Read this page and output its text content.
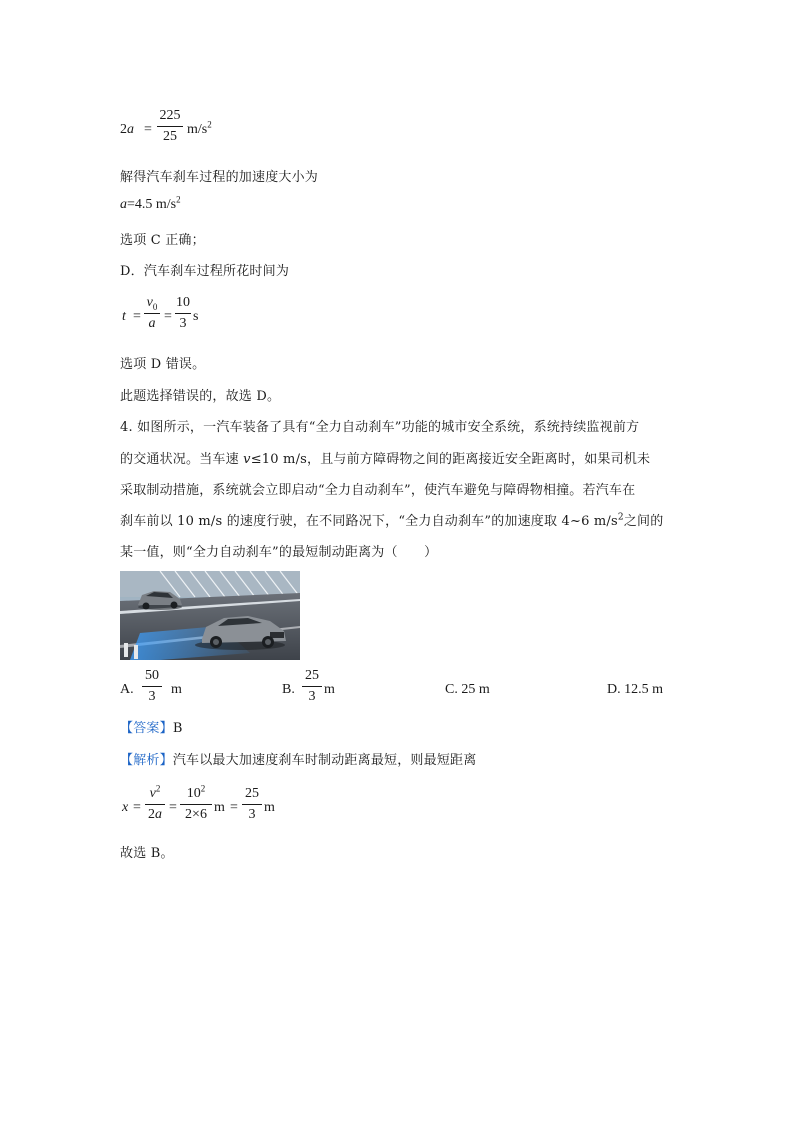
2a =
225
25 $m/s^2$
解得汽车刹车过程的加速度大小为
a=4.5 $m/s^2$
选项 C 正确；
D．汽车刹车过程所花时间为
t =
$v_0$
a =
10
3 s
选项 D 错误。
此题选择错误的，故选 D。
4. 如图所示，一汽车装备了具有“全力自动刹车”功能的城市安全系统，系统持续监视前方
的交通状况。当车速 v≤10 m/s，且与前方障碍物之间的距离接近安全距离时，如果司机未
采取制动措施，系统就会立即启动“全力自动刹车”，使汽车避免与障碍物相撞。若汽车在
刹车前以 10 m/s 的速度行驶，在不同路况下，“全力自动刹车”的加速度取 4~6 $m/s^2$之间的
某一值，则“全力自动刹车”的最短制动距离为（　　）
A.
50
3	m	B.
25
3 m	C. 25 m	D. 12.5 m
【答案】B
【解析】汽车以最大加速度刹车时制动距离最短，则最短距离
x =
$v^2$
2a =
$10^2$
2×6 m =
25
3 m
故选 B。
